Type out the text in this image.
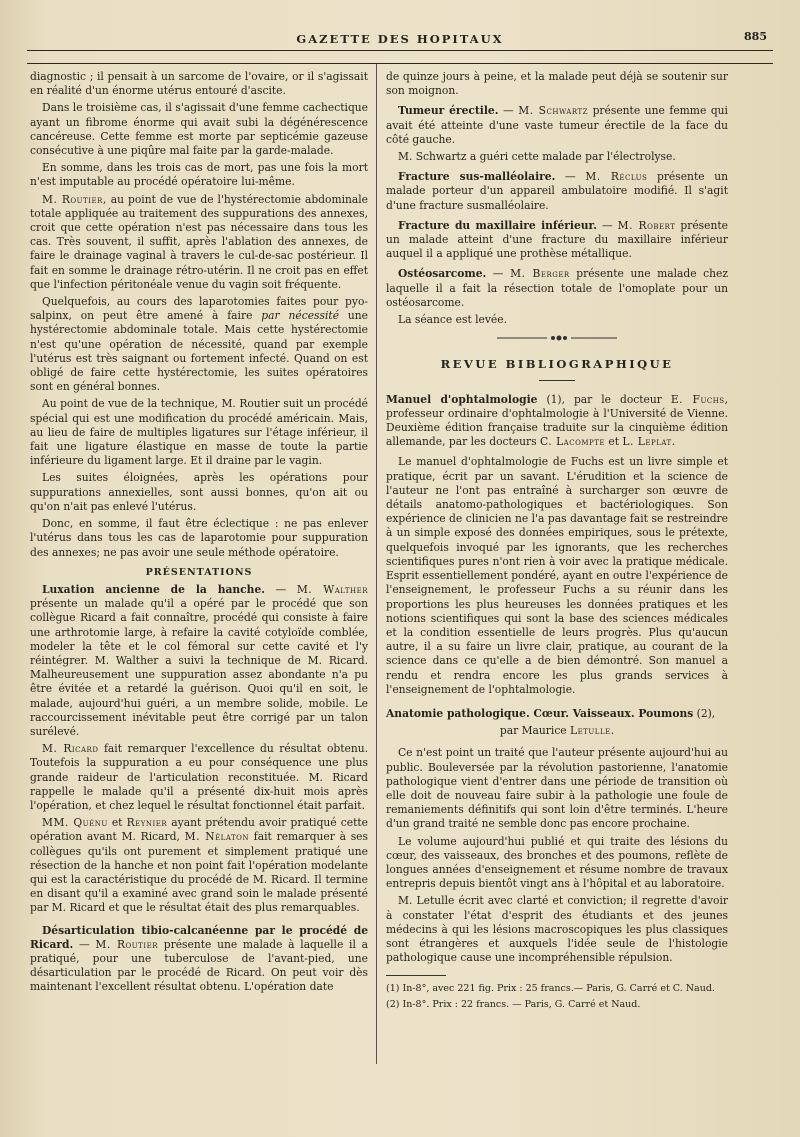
GAZETTE DES HOPITAUX	885

diagnostic ; il pensait à un sarcome de l'ovaire, or il s'agissait en réalité d'un énorme utérus entouré d'ascite.

Dans le troisième cas, il s'agissait d'une femme cachectique ayant un fibrome énorme qui avait subi la dégénérescence cancéreuse. Cette femme est morte par septicémie gazeuse consécutive à une piqûre mal faite par la garde-malade.

En somme, dans les trois cas de mort, pas une fois la mort n'est imputable au procédé opératoire lui-même.

M. Routier, au point de vue de l'hystérectomie abdominale totale appliquée au traitement des suppurations des annexes, croit que cette opération n'est pas nécessaire dans tous les cas. Très souvent, il suffit, après l'ablation des annexes, de faire le drainage vaginal à travers le cul-de-sac postérieur. Il fait en somme le drainage rétro-utérin. Il ne croit pas en effet que l'infection péritonéale venue du vagin soit fréquente.

Quelquefois, au cours des laparotomies faites pour pyo-salpinx, on peut être amené à faire par nécessité une hystérectomie abdominale totale. Mais cette hystérectomie n'est qu'une opération de nécessité, quand par exemple l'utérus est très saignant ou fortement infecté. Quand on est obligé de faire cette hystérectomie, les suites opératoires sont en général bonnes.

Au point de vue de la technique, M. Routier suit un procédé spécial qui est une modification du procédé américain. Mais, au lieu de faire de multiples ligatures sur l'étage inférieur, il fait une ligature élastique en masse de toute la partie inférieure du ligament large. Et il draine par le vagin.

Les suites éloignées, après les opérations pour suppurations annexielles, sont aussi bonnes, qu'on ait ou qu'on n'ait pas enlevé l'utérus.

Donc, en somme, il faut être éclectique : ne pas enlever l'utérus dans tous les cas de laparotomie pour suppuration des annexes; ne pas avoir une seule méthode opératoire.

PRÉSENTATIONS

Luxation ancienne de la hanche. — M. Walther présente un malade qu'il a opéré par le procédé que son collègue Ricard a fait connaître, procédé qui consiste à faire une arthrotomie large, à refaire la cavité cotyloïde comblée, modeler la tête et le col fémoral sur cette cavité et l'y réintégrer. M. Walther a suivi la technique de M. Ricard. Malheureusement une suppuration assez abondante n'a pu être évitée et a retardé la guérison. Quoi qu'il en soit, le malade, aujourd'hui guéri, a un membre solide, mobile. Le raccourcissement inévitable peut être corrigé par un talon surélevé.

M. Ricard fait remarquer l'excellence du résultat obtenu. Toutefois la suppuration a eu pour conséquence une plus grande raideur de l'articulation reconstituée. M. Ricard rappelle le malade qu'il a présenté dix-huit mois après l'opération, et chez lequel le résultat fonctionnel était parfait.

MM. Quénu et Reynier ayant prétendu avoir pratiqué cette opération avant M. Ricard, M. Nélaton fait remarquer à ses collègues qu'ils ont purement et simplement pratiqué une résection de la hanche et non point fait l'opération modelante qui est la caractéristique du procédé de M. Ricard. Il termine en disant qu'il a examiné avec grand soin le malade présenté par M. Ricard et que le résultat était des plus remarquables.

Désarticulation tibio-calcanéenne par le procédé de Ricard. — M. Routier présente une malade à laquelle il a pratiqué, pour une tuberculose de l'avant-pied, une désarticulation par le procédé de Ricard. On peut voir dès maintenant l'excellent résultat obtenu. L'opération date

de quinze jours à peine, et la malade peut déjà se soutenir sur son moignon.

Tumeur érectile. — M. Schwartz présente une femme qui avait été atteinte d'une vaste tumeur érectile de la face du côté gauche.

M. Schwartz a guéri cette malade par l'électrolyse.

Fracture sus-malléolaire. — M. Réclus présente un malade porteur d'un appareil ambulatoire modifié. Il s'agit d'une fracture susmalléolaire.

Fracture du maxillaire inférieur. — M. Robert présente un malade atteint d'une fracture du maxillaire inférieur auquel il a appliqué une prothèse métallique.

Ostéosarcome. — M. Berger présente une malade chez laquelle il a fait la résection totale de l'omoplate pour un ostéosarcome.

La séance est levée.

REVUE BIBLIOGRAPHIQUE

Manuel d'ophtalmologie (1), par le docteur E. Fuchs, professeur ordinaire d'ophtalmologie à l'Université de Vienne. Deuxième édition française traduite sur la cinquième édition allemande, par les docteurs C. Lacompte et L. Leplat.

Le manuel d'ophtalmologie de Fuchs est un livre simple et pratique, écrit par un savant. L'érudition et la science de l'auteur ne l'ont pas entraîné à surcharger son œuvre de détails anatomo-pathologiques et bactériologiques. Son expérience de clinicien ne l'a pas davantage fait se restreindre à un simple exposé des données empiriques, sous le prétexte, quelquefois invoqué par les ignorants, que les recherches scientifiques pures n'ont rien à voir avec la pratique médicale. Esprit essentiellement pondéré, ayant en outre l'expérience de l'enseignement, le professeur Fuchs a su réunir dans les proportions les plus heureuses les données pratiques et les notions scientifiques qui sont la base des sciences médicales et la condition essentielle de leurs progrès. Plus qu'aucun autre, il a su faire un livre clair, pratique, au courant de la science dans ce qu'elle a de bien démontré. Son manuel a rendu et rendra encore les plus grands services à l'enseignement de l'ophtalmologie.

Anatomie pathologique. Cœur. Vaisseaux. Poumons (2),

par Maurice Letulle.

Ce n'est point un traité que l'auteur présente aujourd'hui au public. Bouleversée par la révolution pastorienne, l'anatomie pathologique vient d'entrer dans une période de transition où elle doit de nouveau faire subir à la pathologie une foule de remaniements définitifs qui sont loin d'être terminés. L'heure d'un grand traité ne semble donc pas encore prochaine.

Le volume aujourd'hui publié et qui traite des lésions du cœur, des vaisseaux, des bronches et des poumons, reflète de longues années d'enseignement et résume nombre de travaux entrepris depuis bientôt vingt ans à l'hôpital et au laboratoire.

M. Letulle écrit avec clarté et conviction; il regrette d'avoir à constater l'état d'esprit des étudiants et des jeunes médecins à qui les lésions macroscopiques les plus classiques sont étrangères et auxquels l'idée seule de l'histologie pathologique cause une incompréhensible répulsion.

(1) In-8°, avec 221 fig. Prix : 25 francs.— Paris, G. Carré et C. Naud.

(2) In-8°. Prix : 22 francs. — Paris, G. Carré et Naud.
